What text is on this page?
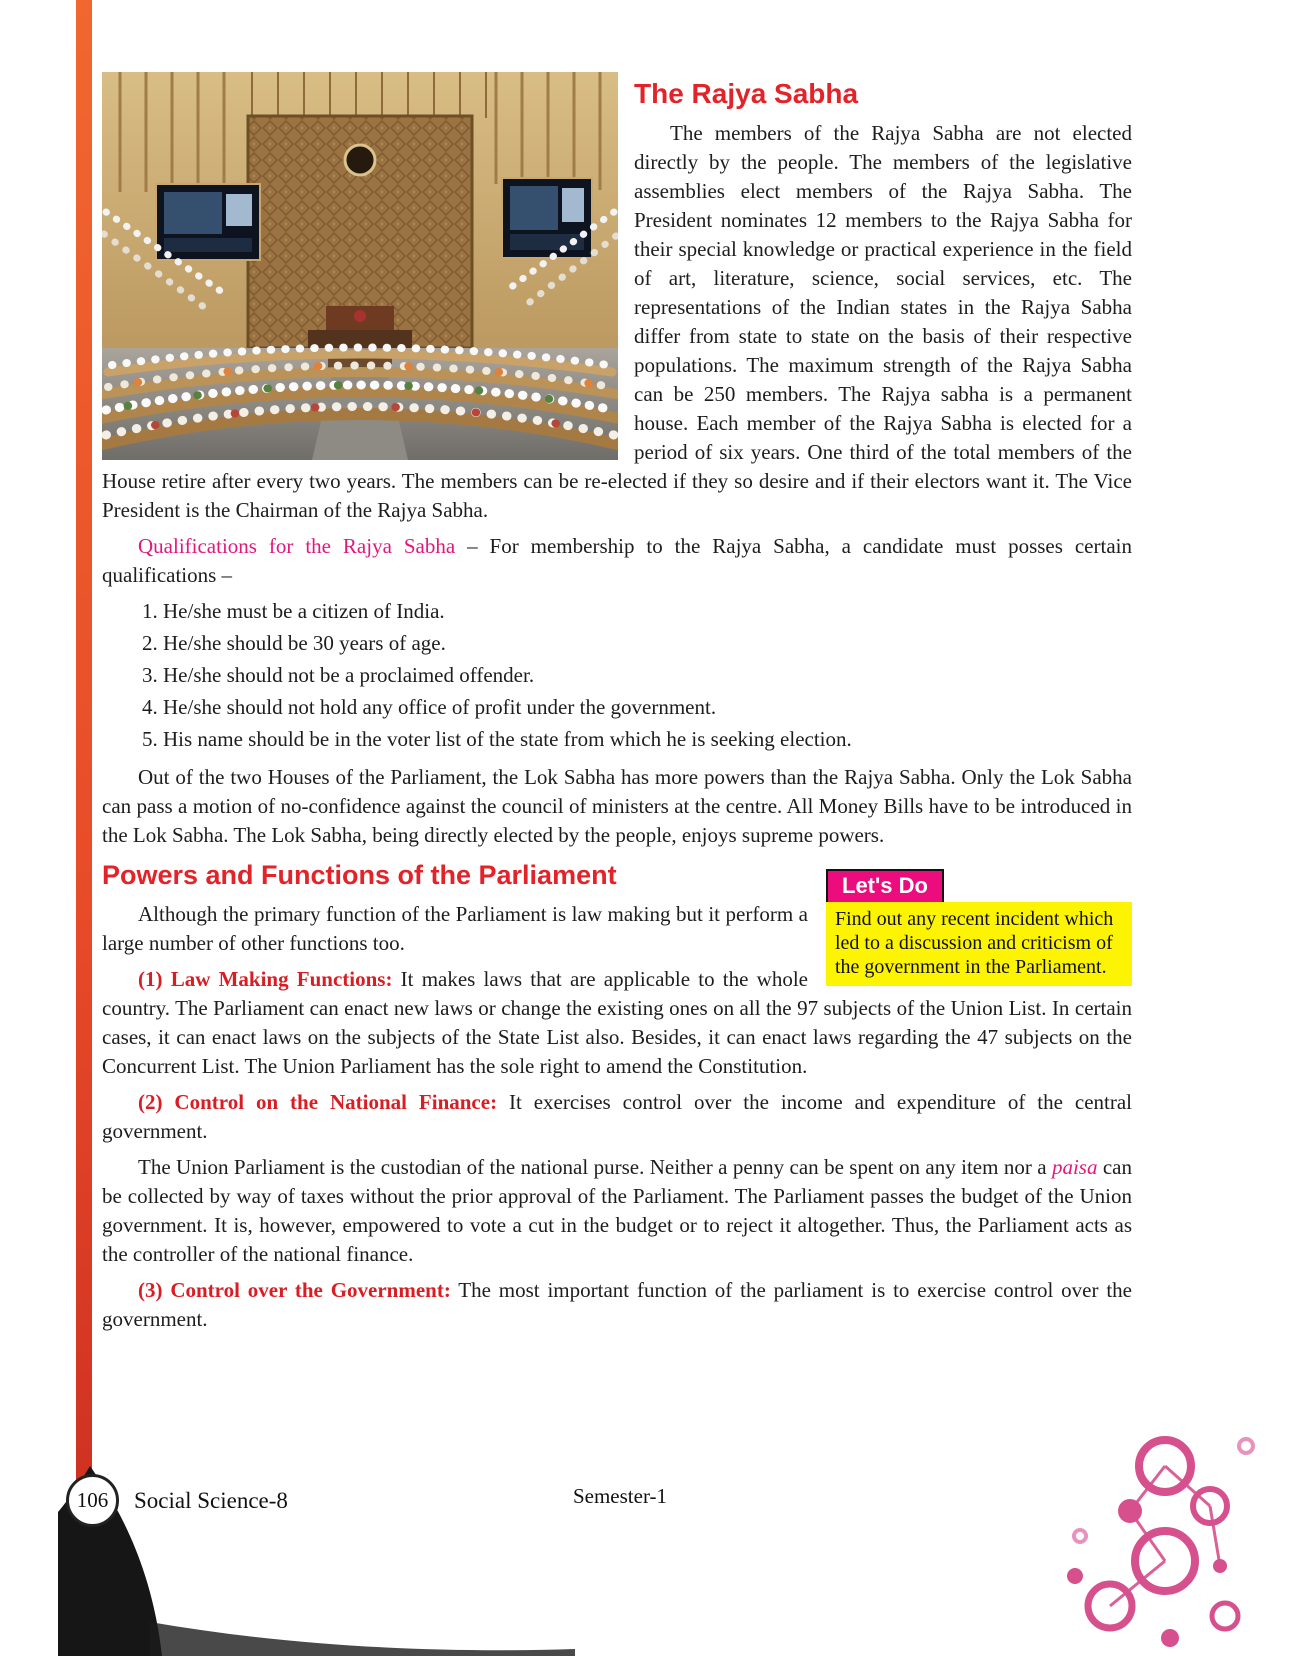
The Rajya Sabha

The members of the Rajya Sabha are not elected directly by the people. The members of the legislative assemblies elect members of the Rajya Sabha. The President nominates 12 members to the Rajya Sabha for their special knowledge or practical experience in the field of art, literature, science, social services, etc. The representations of the Indian states in the Rajya Sabha differ from state to state on the basis of their respective populations. The maximum strength of the Rajya Sabha can be 250 members. The Rajya sabha is a permanent house. Each member of the Rajya Sabha is elected for a period of six years. One third of the total members of the House retire after every two years. The members can be re-elected if they so desire and if their electors want it. The Vice President is the Chairman of the Rajya Sabha.

Qualifications for the Rajya Sabha – For membership to the Rajya Sabha, a candidate must posses certain qualifications –

1. He/she must be a citizen of India.
2. He/she should be 30 years of age.
3. He/she should not be a proclaimed offender.
4. He/she should not hold any office of profit under the government.
5. His name should be in the voter list of the state from which he is seeking election.

Out of the two Houses of the Parliament, the Lok Sabha has more powers than the Rajya Sabha. Only the Lok Sabha can pass a motion of no-confidence against the council of ministers at the centre. All Money Bills have to be introduced in the Lok Sabha. The Lok Sabha, being directly elected by the people, enjoys supreme powers.

Let's Do
Find out any recent incident which led to a discussion and criticism of the government in the Parliament.
Powers and Functions of the Parliament

Although the primary function of the Parliament is law making but it perform a large number of other functions too.

(1) Law Making Functions: It makes laws that are applicable to the whole country. The Parliament can enact new laws or change the existing ones on all the 97 subjects of the Union List. In certain cases, it can enact laws on the subjects of the State List also. Besides, it can enact laws regarding the 47 subjects on the Concurrent List. The Union Parliament has the sole right to amend the Constitution.

(2) Control on the National Finance: It exercises control over the income and expenditure of the central government.

The Union Parliament is the custodian of the national purse. Neither a penny can be spent on any item nor a paisa can be collected by way of taxes without the prior approval of the Parliament. The Parliament passes the budget of the Union government. It is, however, empowered to vote a cut in the budget or to reject it altogether. Thus, the Parliament acts as the controller of the national finance.

(3) Control over the Government: The most important function of the parliament is to exercise control over the government.

106	Social Science-8	Semester-1
